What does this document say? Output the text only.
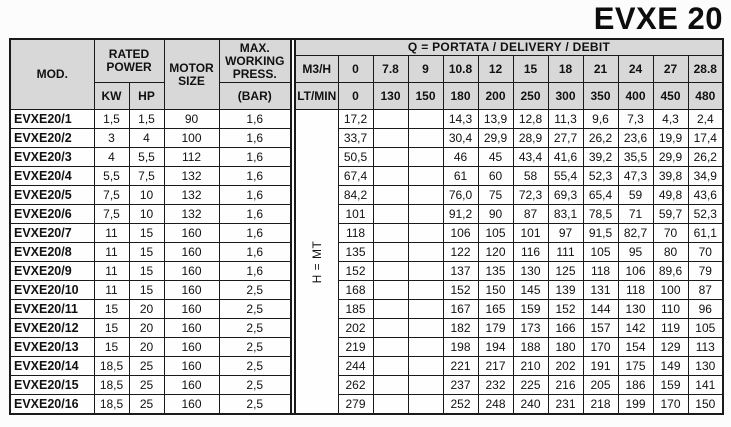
EVXE 20
MOD.	RATED POWER		MOTOR SIZE	MAX. WORKING PRESS.		Q = PORTATA / DELIVERY / DEBIT											
						M3/H	0	7.8	9	10.8	12	15	18	21	24	27	28.8
	KW	HP		(BAR)		LT/MIN	0	130	150	180	200	250	300	350	400	450	480
EVXE20/1	1,5	1,5	90	1,6		H = MT	17,2			14,3	13,9	12,8	11,3	9,6	7,3	4,3	2,4
EVXE20/2	3	4	100	1,6			33,7			30,4	29,9	28,9	27,7	26,2	23,6	19,9	17,4
EVXE20/3	4	5,5	112	1,6			50,5			46	45	43,4	41,6	39,2	35,5	29,9	26,2
EVXE20/4	5,5	7,5	132	1,6			67,4			61	60	58	55,4	52,3	47,3	39,8	34,9
EVXE20/5	7,5	10	132	1,6			84,2			76,0	75	72,3	69,3	65,4	59	49,8	43,6
EVXE20/6	7,5	10	132	1,6			101			91,2	90	87	83,1	78,5	71	59,7	52,3
EVXE20/7	11	15	160	1,6			118			106	105	101	97	91,5	82,7	70	61,1
EVXE20/8	11	15	160	1,6			135			122	120	116	111	105	95	80	70
EVXE20/9	11	15	160	1,6			152			137	135	130	125	118	106	89,6	79
EVXE20/10	11	15	160	2,5			168			152	150	145	139	131	118	100	87
EVXE20/11	15	20	160	2,5			185			167	165	159	152	144	130	110	96
EVXE20/12	15	20	160	2,5			202			182	179	173	166	157	142	119	105
EVXE20/13	15	20	160	2,5			219			198	194	188	180	170	154	129	113
EVXE20/14	18,5	25	160	2,5			244			221	217	210	202	191	175	149	130
EVXE20/15	18,5	25	160	2,5			262			237	232	225	216	205	186	159	141
EVXE20/16	18,5	25	160	2,5			279			252	248	240	231	218	199	170	150
